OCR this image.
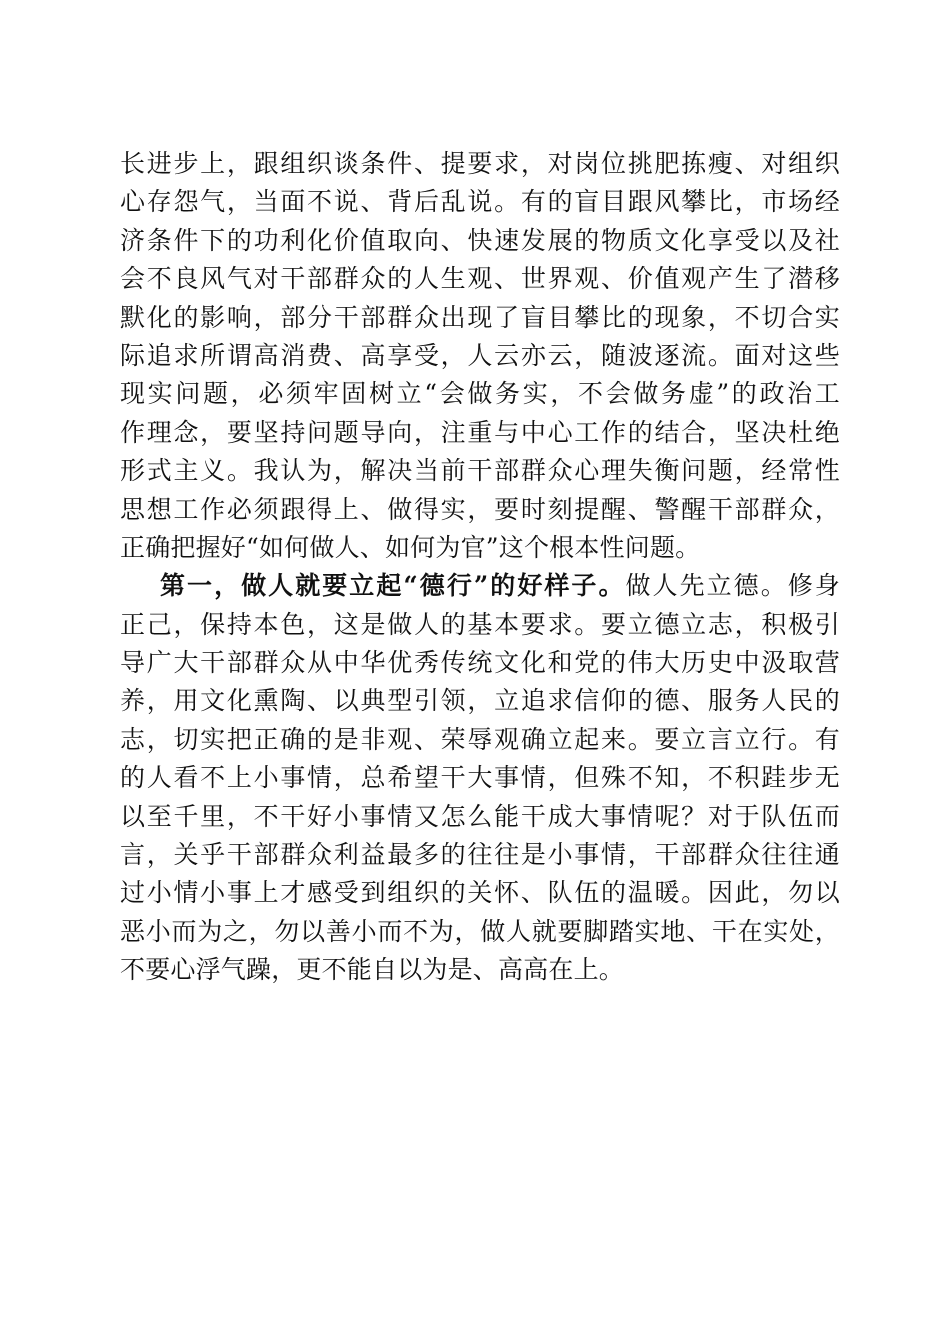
长进步上，跟组织谈条件、提要求，对岗位挑肥拣瘦、对组织
心存怨气，当面不说、背后乱说。有的盲目跟风攀比，市场经
济条件下的功利化价值取向、快速发展的物质文化享受以及社
会不良风气对干部群众的人生观、世界观、价值观产生了潜移
默化的影响，部分干部群众出现了盲目攀比的现象，不切合实
际追求所谓高消费、高享受，人云亦云，随波逐流。面对这些
现实问题，必须牢固树立“会做务实，不会做务虚”的政治工
作理念，要坚持问题导向，注重与中心工作的结合，坚决杜绝
形式主义。我认为，解决当前干部群众心理失衡问题，经常性
思想工作必须跟得上、做得实，要时刻提醒、警醒干部群众，
正确把握好“如何做人、如何为官”这个根本性问题。
第一，做人就要立起“德行”的好样子。做人先立德。修身
正己，保持本色，这是做人的基本要求。要立德立志，积极引
导广大干部群众从中华优秀传统文化和党的伟大历史中汲取营
养，用文化熏陶、以典型引领，立追求信仰的德、服务人民的
志，切实把正确的是非观、荣辱观确立起来。要立言立行。有
的人看不上小事情，总希望干大事情，但殊不知，不积跬步无
以至千里，不干好小事情又怎么能干成大事情呢？对于队伍而
言，关乎干部群众利益最多的往往是小事情，干部群众往往通
过小情小事上才感受到组织的关怀、队伍的温暖。因此，勿以
恶小而为之，勿以善小而不为，做人就要脚踏实地、干在实处，
不要心浮气躁，更不能自以为是、高高在上。
